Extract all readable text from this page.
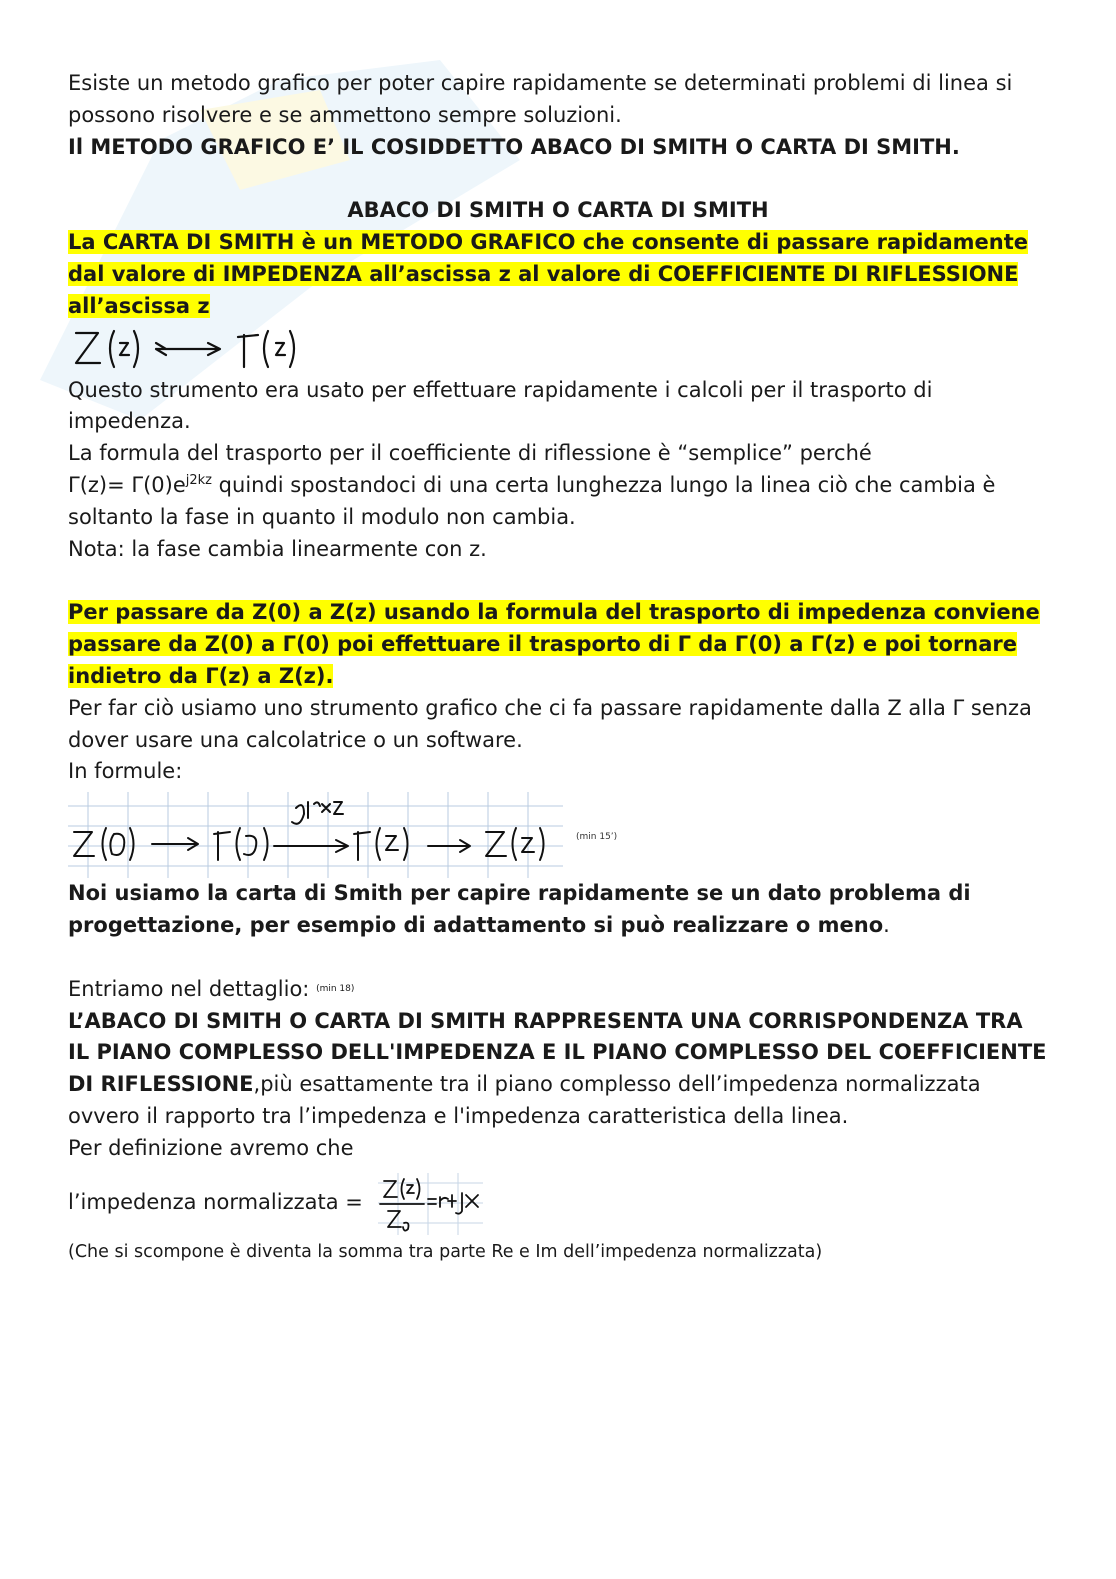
Esiste un metodo grafico per poter capire rapidamente se determinati problemi di linea si possono risolvere e se ammettono sempre soluzioni.

Il METODO GRAFICO E’ IL COSIDDETTO ABACO DI SMITH O CARTA DI SMITH.

ABACO DI SMITH O CARTA DI SMITH

La CARTA DI SMITH è un METODO GRAFICO che consente di passare rapidamente dal valore di IMPEDENZA all’ascissa z al valore di COEFFICIENTE DI RIFLESSIONE all’ascissa z

Questo strumento era usato per effettuare rapidamente i calcoli per il trasporto di impedenza.

La formula del trasporto per il coefficiente di riflessione è “semplice” perché

$\Gamma(z)= \Gamma(0)e^{j2kz}$ quindi spostandoci di una certa lunghezza lungo la linea ciò che cambia è soltanto la fase in quanto il modulo non cambia.

Nota: la fase cambia linearmente con z.

Per passare da Z(0) a Z(z) usando la formula del trasporto di impedenza conviene passare da Z(0) a Γ(0) poi effettuare il trasporto di Γ da Γ(0) a Γ(z) e poi tornare indietro da Γ(z) a Z(z).

Per far ciò usiamo uno strumento grafico che ci fa passare rapidamente dalla Z alla Γ senza dover usare una calcolatrice o un software.

In formule:

(min 15’)

Noi usiamo la carta di Smith per capire rapidamente se un dato problema di progettazione, per esempio di adattamento si può realizzare o meno.

Entriamo nel dettaglio: (min 18)

L’ABACO DI SMITH O CARTA DI SMITH RAPPRESENTA UNA CORRISPONDENZA TRA IL PIANO COMPLESSO DELL'IMPEDENZA E IL PIANO COMPLESSO DEL COEFFICIENTE DI RIFLESSIONE,più esattamente tra il piano complesso dell’impedenza normalizzata ovvero il rapporto tra l’impedenza e l'impedenza caratteristica della linea.

Per definizione avremo che

l’impedenza normalizzata =

(Che si scompone è diventa la somma tra parte Re e Im dell’impedenza normalizzata)
